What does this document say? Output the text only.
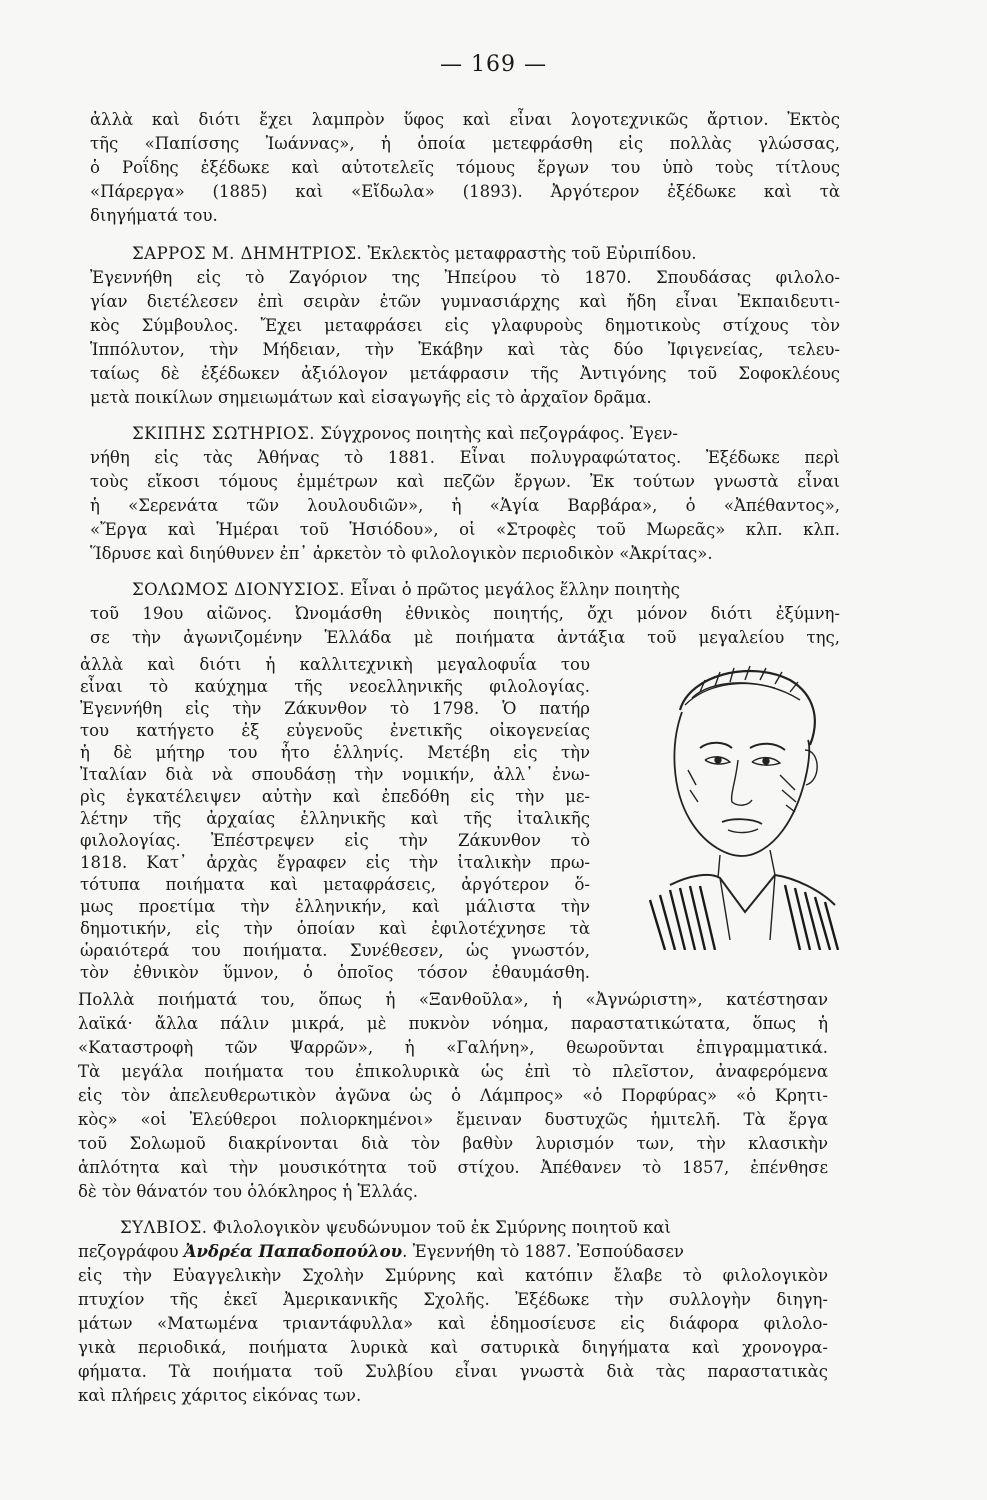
— 169 —
ἀλλὰ καὶ διότι ἔχει λαμπρὸν ὕφος καὶ εἶναι λογοτεχνικῶς ἄρτιον. Ἐκτὸς
τῆς «Παπίσσης Ἰωάννας», ἡ ὁποία μετεφράσθη εἰς πολλὰς γλώσσας,
ὁ Ροΐδης ἐξέδωκε καὶ αὐτοτελεῖς τόμους ἔργων του ὑπὸ τοὺς τίτλους
«Πάρεργα» (1885) καὶ «Εἴδωλα» (1893). Ἀργότερον ἐξέδωκε καὶ τὰ
διηγήματά του.
ΣΑΡΡΟΣ Μ. ΔΗΜΗΤΡΙΟΣ. Ἐκλεκτὸς μεταφραστὴς τοῦ Εὐριπίδου.
Ἐγεννήθη εἰς τὸ Ζαγόριον της Ἠπείρου τὸ 1870. Σπουδάσας φιλολο-
γίαν διετέλεσεν ἐπὶ σειρὰν ἐτῶν γυμνασιάρχης καὶ ἤδη εἶναι Ἐκπαιδευτι-
κὸς Σύμβουλος. Ἔχει μεταφράσει εἰς γλαφυροὺς δημοτικοὺς στίχους τὸν
Ἱππόλυτον, τὴν Μήδειαν, τὴν Ἑκάβην καὶ τὰς δύο Ἰφιγενείας, τελευ-
ταίως δὲ ἐξέδωκεν ἀξιόλογον μετάφρασιν τῆς Ἀντιγόνης τοῦ Σοφοκλέους
μετὰ ποικίλων σημειωμάτων καὶ εἰσαγωγῆς εἰς τὸ ἀρχαῖον δρᾶμα.
ΣΚΙΠΗΣ ΣΩΤΗΡΙΟΣ. Σύγχρονος ποιητὴς καὶ πεζογράφος. Ἐγεν-
νήθη εἰς τὰς Ἀθήνας τὸ 1881. Εἶναι πολυγραφώτατος. Ἐξέδωκε περὶ
τοὺς εἴκοσι τόμους ἐμμέτρων καὶ πεζῶν ἔργων. Ἐκ τούτων γνωστὰ εἶναι
ἡ «Σερενάτα τῶν λουλουδιῶν», ἡ «Ἁγία Βαρβάρα», ὁ «Ἀπέθαντος»,
«Ἔργα καὶ Ἡμέραι τοῦ Ἡσιόδου», οἱ «Στροφὲς τοῦ Μωρεᾶς» κλπ. κλπ.
Ἵδρυσε καὶ διηύθυνεν ἐπ᾽ ἀρκετὸν τὸ φιλολογικὸν περιοδικὸν «Ἀκρίτας».
ΣΟΛΩΜΟΣ ΔΙΟΝΥΣΙΟΣ. Εἶναι ὁ πρῶτος μεγάλος ἕλλην ποιητὴς
τοῦ 19ου αἰῶνος. Ὠνομάσθη ἐθνικὸς ποιητής, ὄχι μόνον διότι ἐξύμνη-
σε τὴν ἀγωνιζομένην Ἑλλάδα μὲ ποιήματα ἀντάξια τοῦ μεγαλείου της,
ἀλλὰ καὶ διότι ἡ καλλιτεχνικὴ μεγαλοφυΐα του
εἶναι τὸ καύχημα τῆς νεοελληνικῆς φιλολογίας.
Ἐγεννήθη εἰς τὴν Ζάκυνθον τὸ 1798. Ὁ πατήρ
του κατήγετο ἐξ εὐγενοῦς ἐνετικῆς οἰκογενείας
ἡ δὲ μήτηρ του ἦτο ἑλληνίς. Μετέβη εἰς τὴν
Ἰταλίαν διὰ νὰ σπουδάσῃ τὴν νομικήν, ἀλλ᾽ ἐνω-
ρὶς ἐγκατέλειψεν αὐτὴν καὶ ἐπεδόθη εἰς τὴν με-
λέτην τῆς ἀρχαίας ἑλληνικῆς καὶ τῆς ἰταλικῆς
φιλολογίας. Ἐπέστρεψεν εἰς τὴν Ζάκυνθον τὸ
1818. Κατ᾽ ἀρχὰς ἔγραφεν εἰς τὴν ἰταλικὴν πρω-
τότυπα ποιήματα καὶ μεταφράσεις, ἀργότερον ὅ-
μως προετίμα τὴν ἑλληνικήν, καὶ μάλιστα τὴν
δημοτικήν, εἰς τὴν ὁποίαν καὶ ἐφιλοτέχνησε τὰ
ὡραιότερά του ποιήματα. Συνέθεσεν, ὡς γνωστόν,
τὸν ἐθνικὸν ὕμνον, ὁ ὁποῖος τόσον ἐθαυμάσθη.
Πολλὰ ποιήματά του, ὅπως ἡ «Ξανθοῦλα», ἡ «Ἀγνώριστη», κατέστησαν
λαϊκά· ἄλλα πάλιν μικρά, μὲ πυκνὸν νόημα, παραστατικώτατα, ὅπως ἡ
«Καταστροφὴ τῶν Ψαρρῶν», ἡ «Γαλήνη», θεωροῦνται ἐπιγραμματικά.
Τὰ μεγάλα ποιήματα του ἐπικολυρικὰ ὡς ἐπὶ τὸ πλεῖστον, ἀναφερόμενα
εἰς τὸν ἀπελευθερωτικὸν ἀγῶνα ὡς ὁ Λάμπρος» «ὁ Πορφύρας» «ὁ Κρητι-
κὸς» «οἱ Ἐλεύθεροι πολιορκημένοι» ἔμειναν δυστυχῶς ἡμιτελῆ. Τὰ ἔργα
τοῦ Σολωμοῦ διακρίνονται διὰ τὸν βαθὺν λυρισμόν των, τὴν κλασικὴν
ἁπλότητα καὶ τὴν μουσικότητα τοῦ στίχου. Ἀπέθανεν τὸ 1857, ἐπένθησε
δὲ τὸν θάνατόν του ὁλόκληρος ἡ Ἑλλάς.
ΣΥΛΒΙΟΣ. Φιλολογικὸν ψευδώνυμον τοῦ ἐκ Σμύρνης ποιητοῦ καὶ
πεζογράφου Ἀνδρέα Παπαδοπούλου. Ἐγεννήθη τὸ 1887. Ἐσπούδασεν
εἰς τὴν Εὐαγγελικὴν Σχολὴν Σμύρνης καὶ κατόπιν ἔλαβε τὸ φιλολογικὸν
πτυχίον τῆς ἐκεῖ Ἀμερικανικῆς Σχολῆς. Ἐξέδωκε τὴν συλλογὴν διηγη-
μάτων «Ματωμένα τριαντάφυλλα» καὶ ἐδημοσίευσε εἰς διάφορα φιλολο-
γικὰ περιοδικά, ποιήματα λυρικὰ καὶ σατυρικὰ διηγήματα καὶ χρονογρα-
φήματα. Τὰ ποιήματα τοῦ Συλβίου εἶναι γνωστὰ διὰ τὰς παραστατικὰς
καὶ πλήρεις χάριτος εἰκόνας των.
